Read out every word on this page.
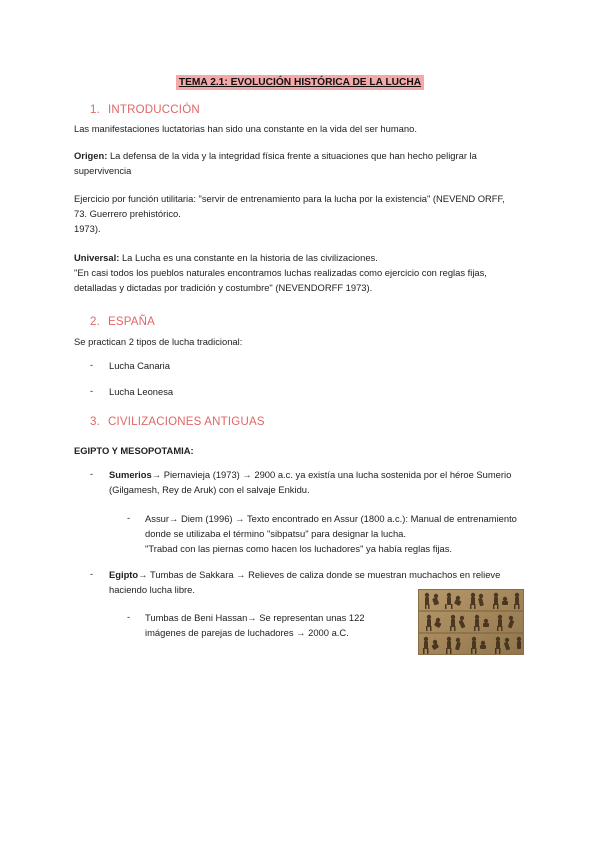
TEMA 2.1: EVOLUCIÓN HISTÓRICA DE LA LUCHA
1. INTRODUCCIÓN
Las manifestaciones luctatorias han sido una constante en la vida del ser humano.
Origen: La defensa de la vida y la integridad física frente a situaciones que han hecho peligrar la
supervivencia
Ejercicio por función utilitaria: "servir de entrenamiento para la lucha por la existencia" (NEVEND ORFF,
73. Guerrero prehistórico.
1973).
Universal: La Lucha es una constante en la historia de las civilizaciones.
"En casi todos los pueblos naturales encontramos luchas realizadas como ejercicio con reglas fijas,
detalladas y dictadas por tradición y costumbre" (NEVENDORFF 1973).
2. ESPAÑA
Se practican 2 tipos de lucha tradicional:
- Lucha Canaria
- Lucha Leonesa
3. CIVILIZACIONES ANTIGUAS
EGIPTO Y MESOPOTAMIA:
- Sumerios→ Piernavieja (1973) → 2900 a.c. ya existía una lucha sostenida por el héroe Sumerio
(Gilgamesh, Rey de Aruk) con el salvaje Enkidu.
- Assur→ Diem (1996) → Texto encontrado en Assur (1800 a.c.): Manual de entrenamiento
donde se utilizaba el término "sibpatsu" para designar la lucha.
"Trabad con las piernas como hacen los luchadores" ya había reglas fijas.
- Egipto→ Tumbas de Sakkara → Relieves de caliza donde se muestran muchachos en relieve
haciendo lucha libre.
- Tumbas de Beni Hassan→ Se representan unas 122
imágenes de parejas de luchadores → 2000 a.C.
